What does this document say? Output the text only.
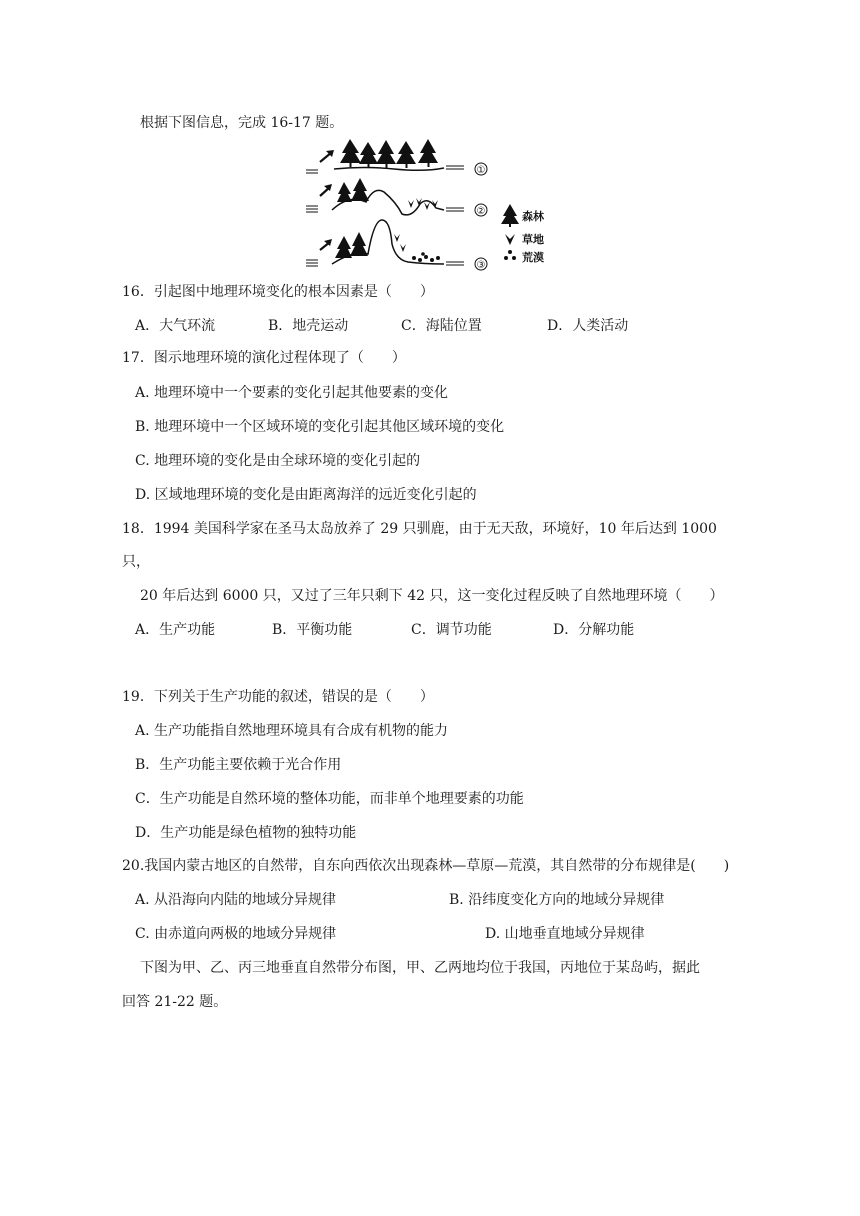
根据下图信息，完成 16-17 题。
①
②
③
森林
草地
荒漠
16．引起图中地理环境变化的根本因素是（　　）
A．大气环流	B．地壳运动	C．海陆位置	D．人类活动
17．图示地理环境的演化过程体现了（　　）
A. 地理环境中一个要素的变化引起其他要素的变化
B. 地理环境中一个区域环境的变化引起其他区域环境的变化
C. 地理环境的变化是由全球环境的变化引起的
D. 区域地理环境的变化是由距离海洋的远近变化引起的
18．1994 美国科学家在圣马太岛放养了 29 只驯鹿，由于无天敌，环境好，10 年后达到 1000
只，
20 年后达到 6000 只，又过了三年只剩下 42 只，这一变化过程反映了自然地理环境（　　）
A．生产功能	B．平衡功能	C．调节功能	D．分解功能
19．下列关于生产功能的叙述，错误的是（　　）
A. 生产功能指自然地理环境具有合成有机物的能力
B．生产功能主要依赖于光合作用
C．生产功能是自然环境的整体功能，而非单个地理要素的功能
D．生产功能是绿色植物的独特功能
20.我国内蒙古地区的自然带，自东向西依次出现森林—草原—荒漠，其自然带的分布规律是(　　)
A. 从沿海向内陆的地域分异规律	B. 沿纬度变化方向的地域分异规律
C. 由赤道向两极的地域分异规律	D. 山地垂直地域分异规律
下图为甲、乙、丙三地垂直自然带分布图，甲、乙两地均位于我国，丙地位于某岛屿，据此
回答 21-22 题。
